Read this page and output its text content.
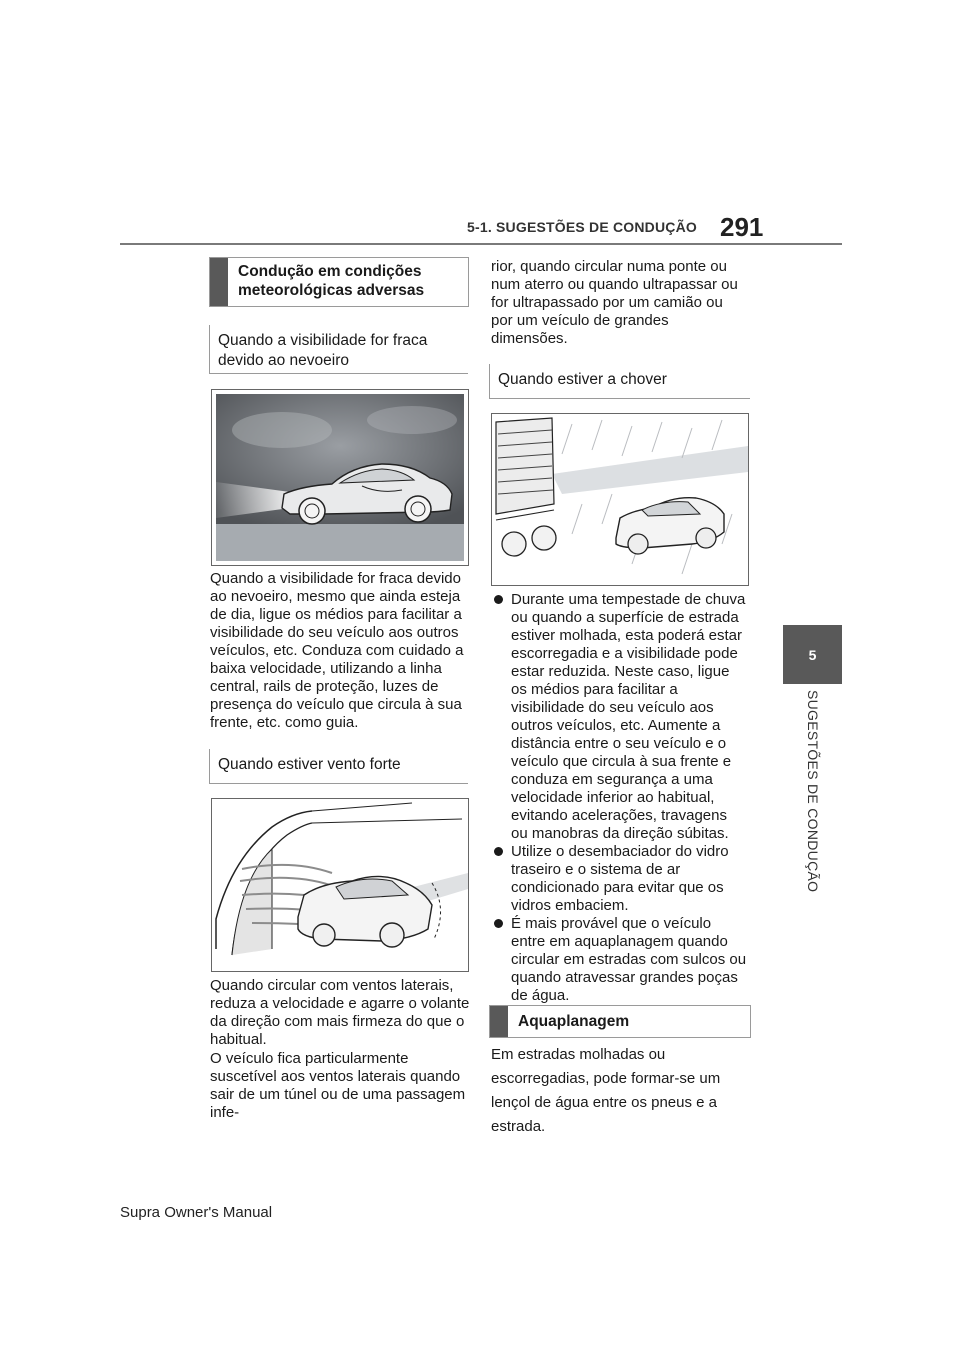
5-1. SUGESTÕES DE CONDUÇÃO 291
5
SUGESTÕES DE CONDUÇÃO
Condução em condições meteorológicas adversas
Quando a visibilidade for fraca devido ao nevoeiro

Quando a visibilidade for fraca devido ao nevoeiro, mesmo que ainda esteja de dia, ligue os médios para facilitar a visibilidade do seu veículo aos outros veículos, etc. Conduza com cuidado a baixa velocidade, utilizando a linha central, rails de proteção, luzes de presença do veículo que circula à sua frente, etc. como guia.

Quando estiver vento forte

Quando circular com ventos laterais, reduza a velocidade e agarre o volante da direção com mais firmeza do que o habitual.

O veículo fica particularmente suscetível aos ventos laterais quando sair de um túnel ou de uma passagem infe-

rior, quando circular numa ponte ou num aterro ou quando ultrapassar ou for ultrapassado por um camião ou por um veículo de grandes dimensões.

Quando estiver a chover
Durante uma tempestade de chuva ou quando a superfície de estrada estiver molhada, esta poderá estar escorregadia e a visibilidade pode estar reduzida. Neste caso, ligue os médios para facilitar a visibilidade do seu veículo aos outros veículos, etc. Aumente a distância entre o seu veículo e o veículo que circula à sua frente e conduza em segurança a uma velocidade inferior ao habitual, evitando acelerações, travagens ou manobras da direção súbitas.
Utilize o desembaciador do vidro traseiro e o sistema de ar condicionado para evitar que os vidros embaciem.
É mais provável que o veículo entre em aquaplanagem quando circular em estradas com sulcos ou quando atravessar grandes poças de água.
Aquaplanagem

Em estradas molhadas ou escorregadias, pode formar-se um lençol de água entre os pneus e a estrada.

Supra Owner's Manual
